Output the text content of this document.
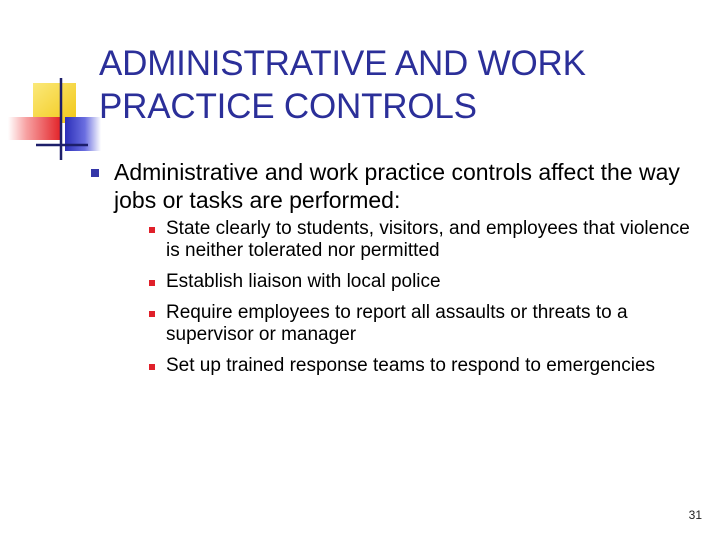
ADMINISTRATIVE AND WORK
PRACTICE CONTROLS
Administrative and work practice controls affect the way jobs or tasks are performed:
State clearly to students, visitors, and employees that violence is neither tolerated nor permitted
Establish liaison with local police
Require employees to report all assaults or threats to a supervisor or manager
Set up trained response teams to respond to emergencies
31
